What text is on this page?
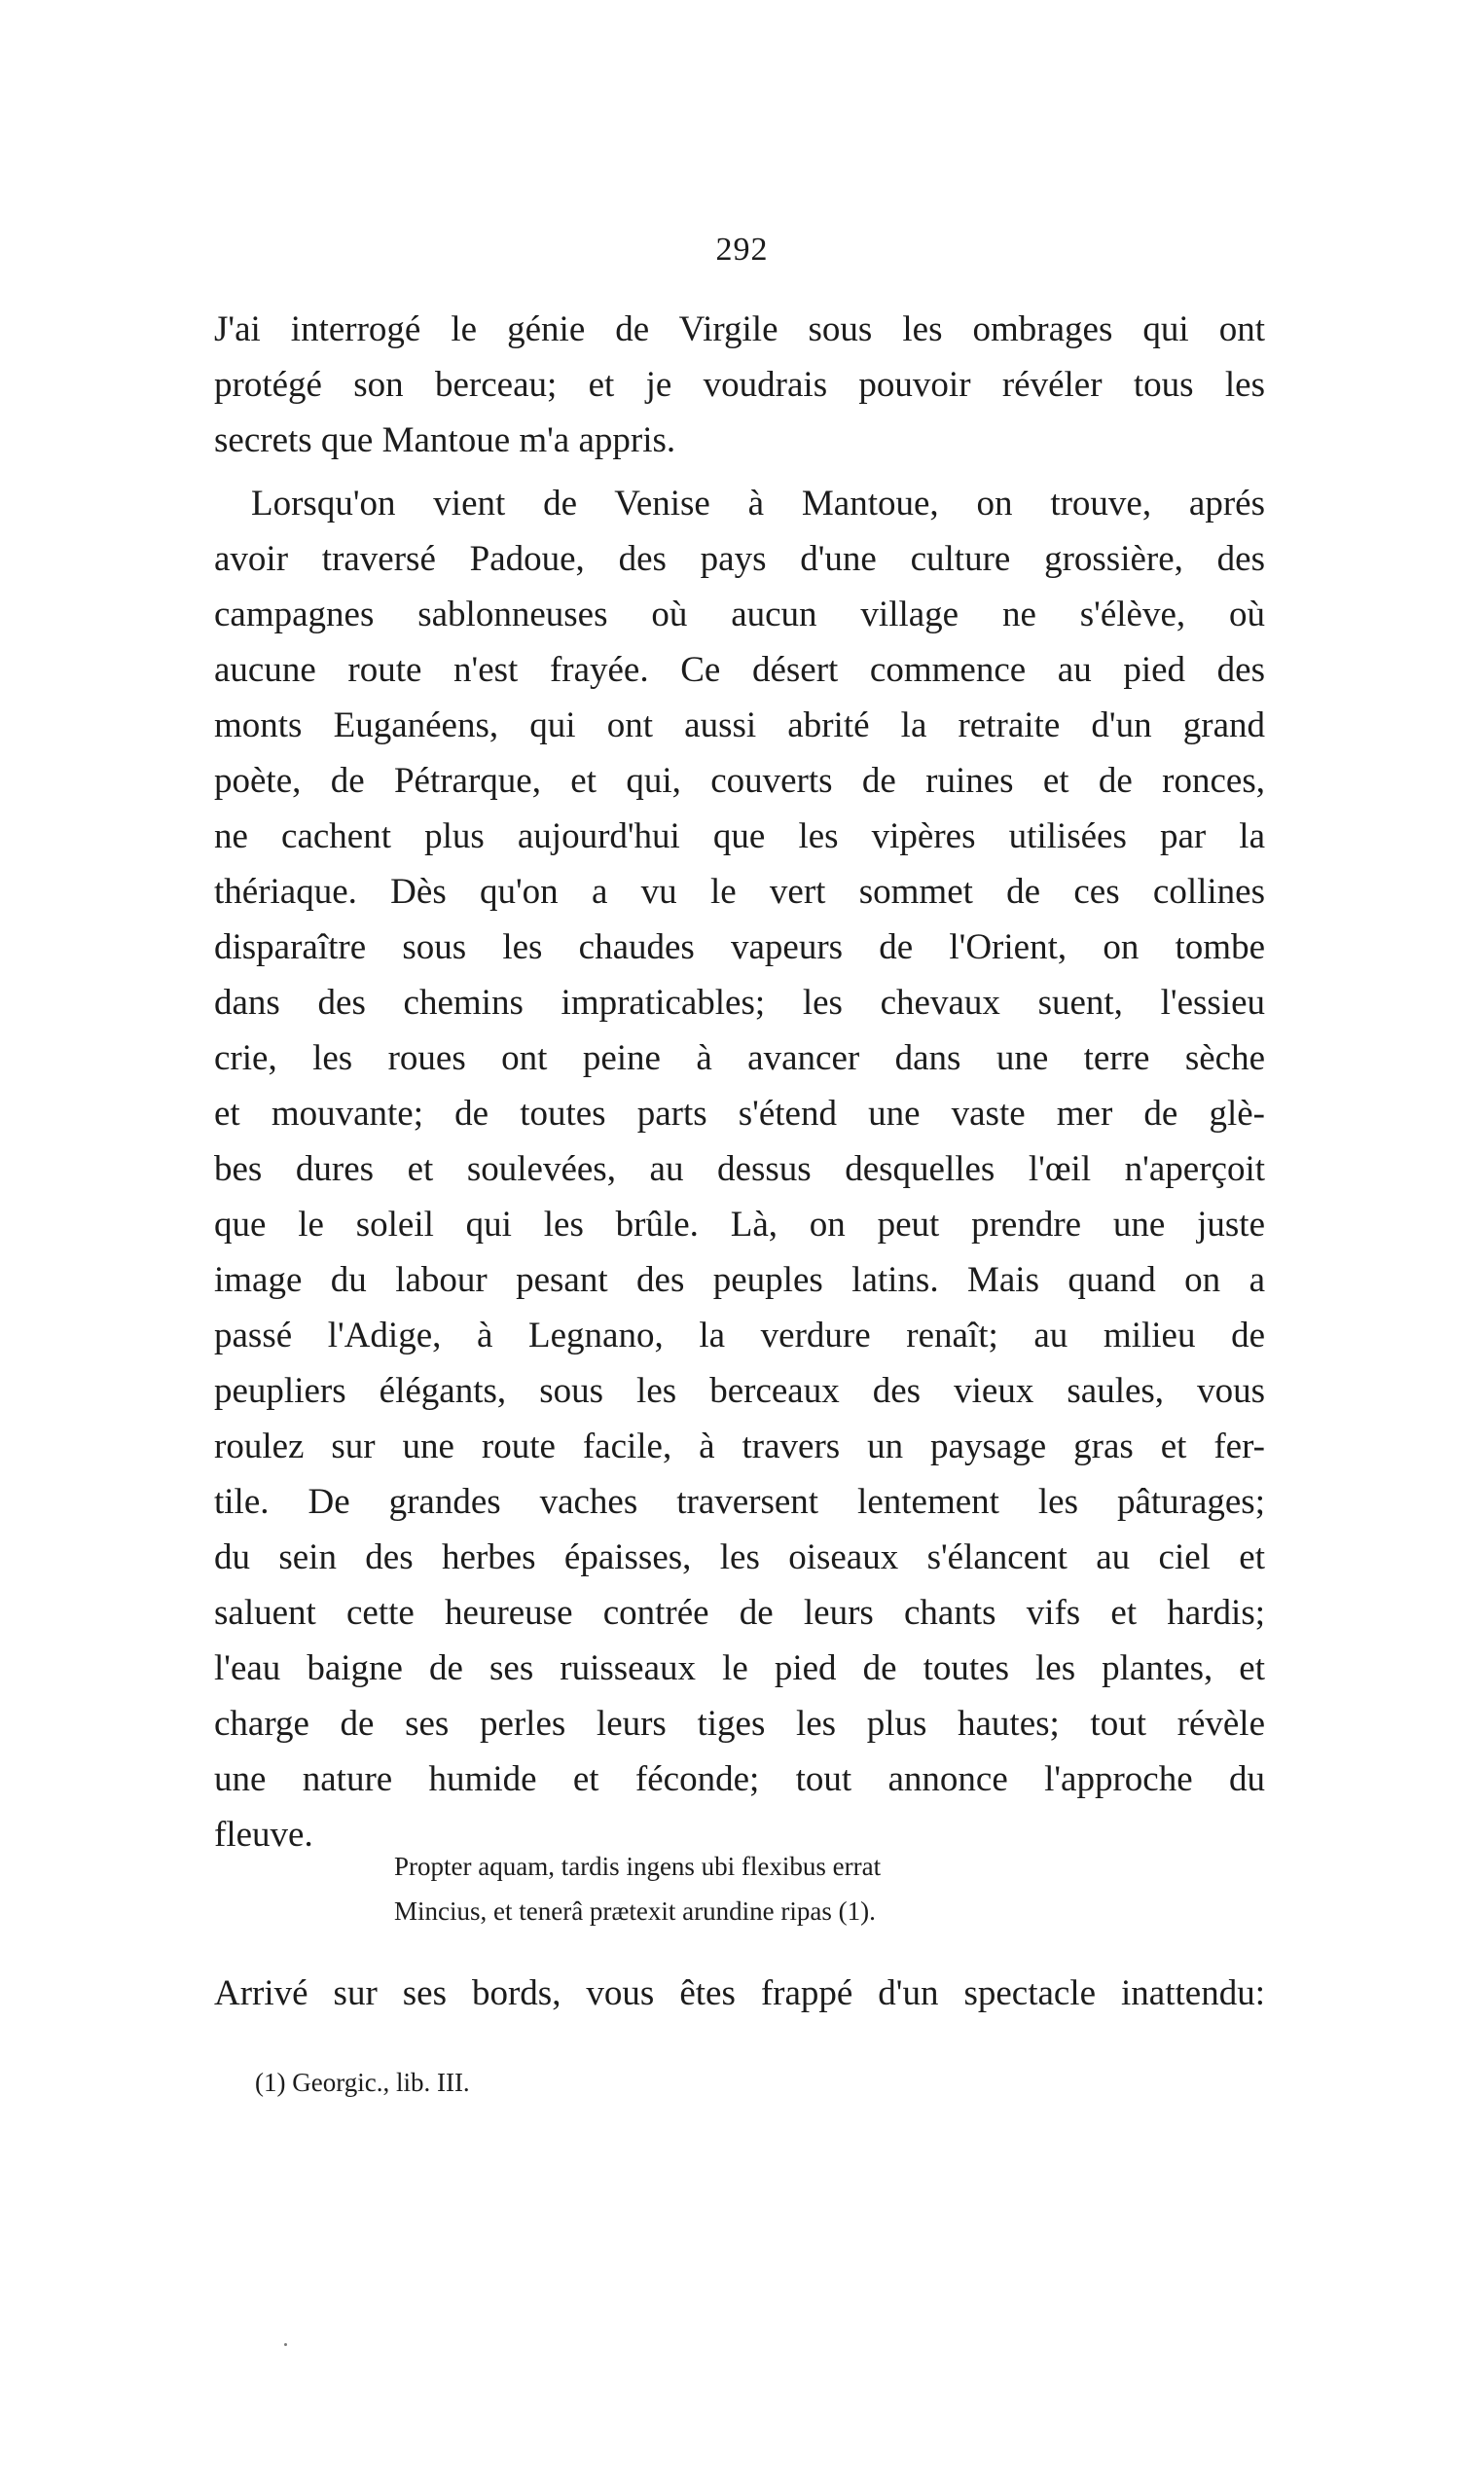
292
J'ai interrogé le génie de Virgile sous les ombrages qui ont
protégé son berceau; et je voudrais pouvoir révéler tous les
secrets que Mantoue m'a appris.
Lorsqu'on vient de Venise à Mantoue, on trouve, aprés
avoir traversé Padoue, des pays d'une culture grossière, des
campagnes sablonneuses où aucun village ne s'élève, où
aucune route n'est frayée. Ce désert commence au pied des
monts Euganéens, qui ont aussi abrité la retraite d'un grand
poète, de Pétrarque, et qui, couverts de ruines et de ronces,
ne cachent plus aujourd'hui que les vipères utilisées par la
thériaque. Dès qu'on a vu le vert sommet de ces collines
disparaître sous les chaudes vapeurs de l'Orient, on tombe
dans des chemins impraticables; les chevaux suent, l'essieu
crie, les roues ont peine à avancer dans une terre sèche
et mouvante; de toutes parts s'étend une vaste mer de glè-
bes dures et soulevées, au dessus desquelles l'œil n'aperçoit
que le soleil qui les brûle. Là, on peut prendre une juste
image du labour pesant des peuples latins. Mais quand on a
passé l'Adige, à Legnano, la verdure renaît; au milieu de
peupliers élégants, sous les berceaux des vieux saules, vous
roulez sur une route facile, à travers un paysage gras et fer-
tile. De grandes vaches traversent lentement les pâturages;
du sein des herbes épaisses, les oiseaux s'élancent au ciel et
saluent cette heureuse contrée de leurs chants vifs et hardis;
l'eau baigne de ses ruisseaux le pied de toutes les plantes, et
charge de ses perles leurs tiges les plus hautes; tout révèle
une nature humide et féconde; tout annonce l'approche du
fleuve.
Propter aquam, tardis ingens ubi flexibus errat
Mincius, et tenerâ prætexit arundine ripas (1).
Arrivé sur ses bords, vous êtes frappé d'un spectacle inattendu:
(1) Georgic., lib. III.
